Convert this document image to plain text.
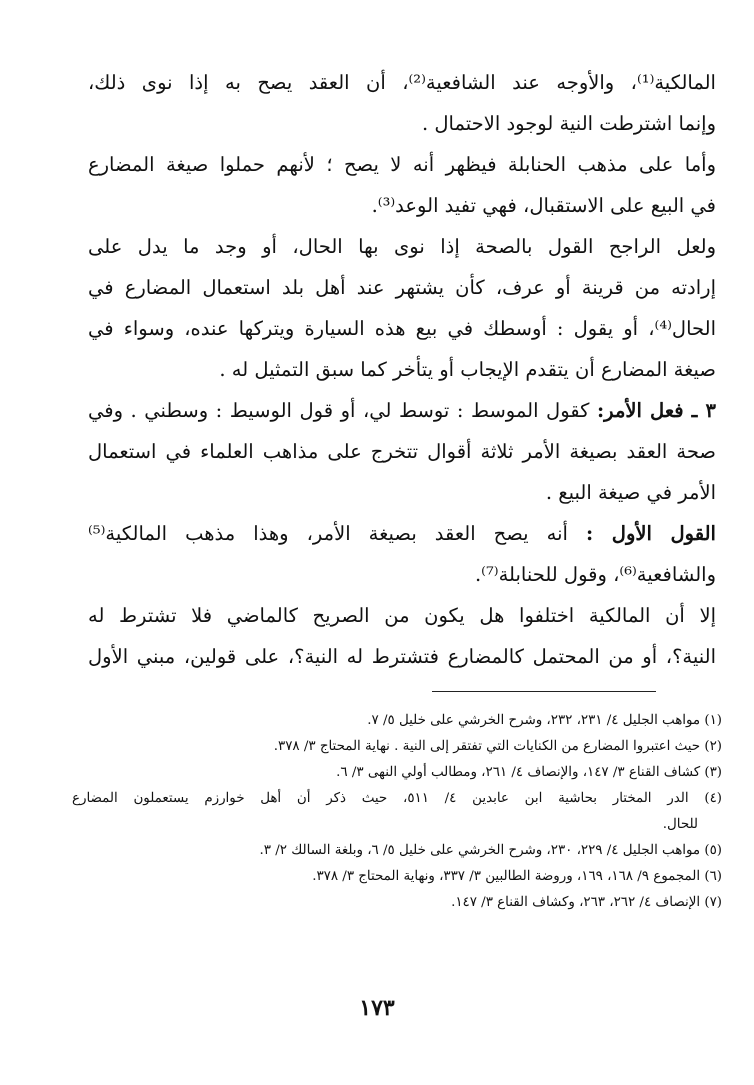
المالكية⁽¹⁾، والأوجه عند الشافعية⁽²⁾، أن العقد يصح به إذا نوى ذلك،
وإنما اشترطت النية لوجود الاحتمال .
وأما على مذهب الحنابلة فيظهر أنه لا يصح ؛ لأنهم حملوا صيغة المضارع
في البيع على الاستقبال، فهي تفيد الوعد⁽³⁾.
ولعل الراجح القول بالصحة إذا نوى بها الحال، أو وجد ما يدل على
إرادته من قرينة أو عرف، كأن يشتهر عند أهل بلد استعمال المضارع في
الحال⁽⁴⁾، أو يقول : أوسطك في بيع هذه السيارة ويتركها عنده، وسواء في
صيغة المضارع أن يتقدم الإيجاب أو يتأخر كما سبق التمثيل له .
٣ ـ فعل الأمر: كقول الموسط : توسط لي، أو قول الوسيط : وسطني . وفي
صحة العقد بصيغة الأمر ثلاثة أقوال تتخرج على مذاهب العلماء في استعمال
الأمر في صيغة البيع .
القول الأول : أنه يصح العقد بصيغة الأمر، وهذا مذهب المالكية⁽⁵⁾
والشافعية⁽⁶⁾، وقول للحنابلة⁽⁷⁾.
إلا أن المالكية اختلفوا هل يكون من الصريح كالماضي فلا تشترط له
النية؟، أو من المحتمل كالمضارع فتشترط له النية؟، على قولين، مبني الأول
(١) مواهب الجليل ٤/ ٢٣١، ٢٣٢، وشرح الخرشي على خليل ٥/ ٧.
(٢) حيث اعتبروا المضارع من الكنايات التي تفتقر إلى النية . نهاية المحتاج ٣/ ٣٧٨.
(٣) كشاف القناع ٣/ ١٤٧، والإنصاف ٤/ ٢٦١، ومطالب أولي النهى ٣/ ٦.
(٤) الدر المختار بحاشية ابن عابدين ٤/ ٥١١، حيث ذكر أن أهل خوارزم يستعملون المضارع
للحال.
(٥) مواهب الجليل ٤/ ٢٢٩، ٢٣٠، وشرح الخرشي على خليل ٥/ ٦، وبلغة السالك ٢/ ٣.
(٦) المجموع ٩/ ١٦٨، ١٦٩، وروضة الطالبين ٣/ ٣٣٧، ونهاية المحتاج ٣/ ٣٧٨.
(٧) الإنصاف ٤/ ٢٦٢، ٢٦٣، وكشاف القناع ٣/ ١٤٧.
١٧٣
